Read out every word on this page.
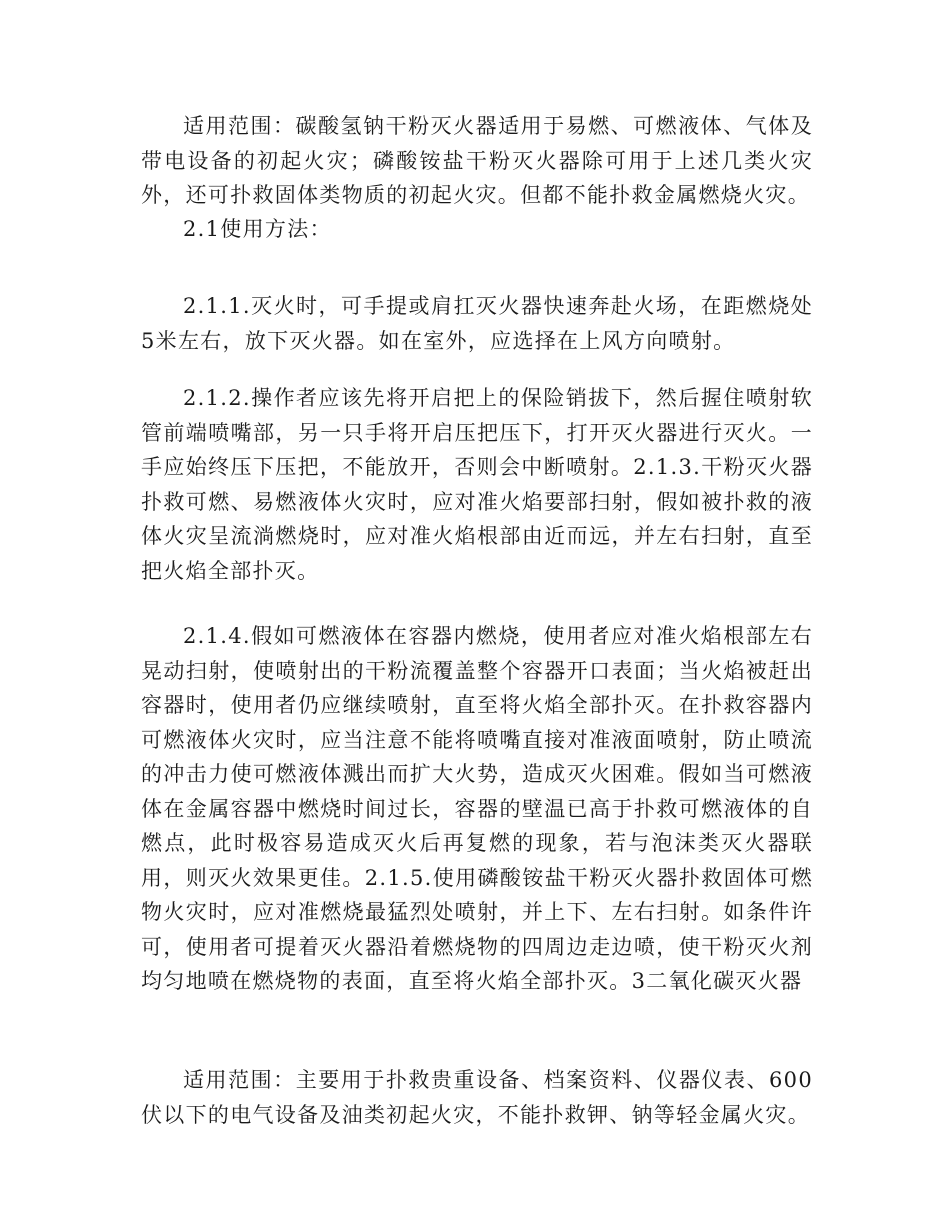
适用范围：碳酸氢钠干粉灭火器适用于易燃、可燃液体、气体及带电设备的初起火灾；磷酸铵盐干粉灭火器除可用于上述几类火灾外，还可扑救固体类物质的初起火灾。但都不能扑救金属燃烧火灾。

2.1使用方法：

2.1.1.灭火时，可手提或肩扛灭火器快速奔赴火场，在距燃烧处5米左右，放下灭火器。如在室外，应选择在上风方向喷射。

2.1.2.操作者应该先将开启把上的保险销拔下，然后握住喷射软管前端喷嘴部，另一只手将开启压把压下，打开灭火器进行灭火。一手应始终压下压把，不能放开，否则会中断喷射。2.1.3.干粉灭火器扑救可燃、易燃液体火灾时，应对准火焰要部扫射，假如被扑救的液体火灾呈流淌燃烧时，应对准火焰根部由近而远，并左右扫射，直至把火焰全部扑灭。

2.1.4.假如可燃液体在容器内燃烧，使用者应对准火焰根部左右晃动扫射，使喷射出的干粉流覆盖整个容器开口表面；当火焰被赶出容器时，使用者仍应继续喷射，直至将火焰全部扑灭。在扑救容器内可燃液体火灾时，应当注意不能将喷嘴直接对准液面喷射，防止喷流的冲击力使可燃液体溅出而扩大火势，造成灭火困难。假如当可燃液体在金属容器中燃烧时间过长，容器的壁温已高于扑救可燃液体的自燃点，此时极容易造成灭火后再复燃的现象，若与泡沫类灭火器联用，则灭火效果更佳。2.1.5.使用磷酸铵盐干粉灭火器扑救固体可燃物火灾时，应对准燃烧最猛烈处喷射，并上下、左右扫射。如条件许可，使用者可提着灭火器沿着燃烧物的四周边走边喷，使干粉灭火剂均匀地喷在燃烧物的表面，直至将火焰全部扑灭。3二氧化碳灭火器

适用范围：主要用于扑救贵重设备、档案资料、仪器仪表、600伏以下的电气设备及油类初起火灾，不能扑救钾、钠等轻金属火灾。
